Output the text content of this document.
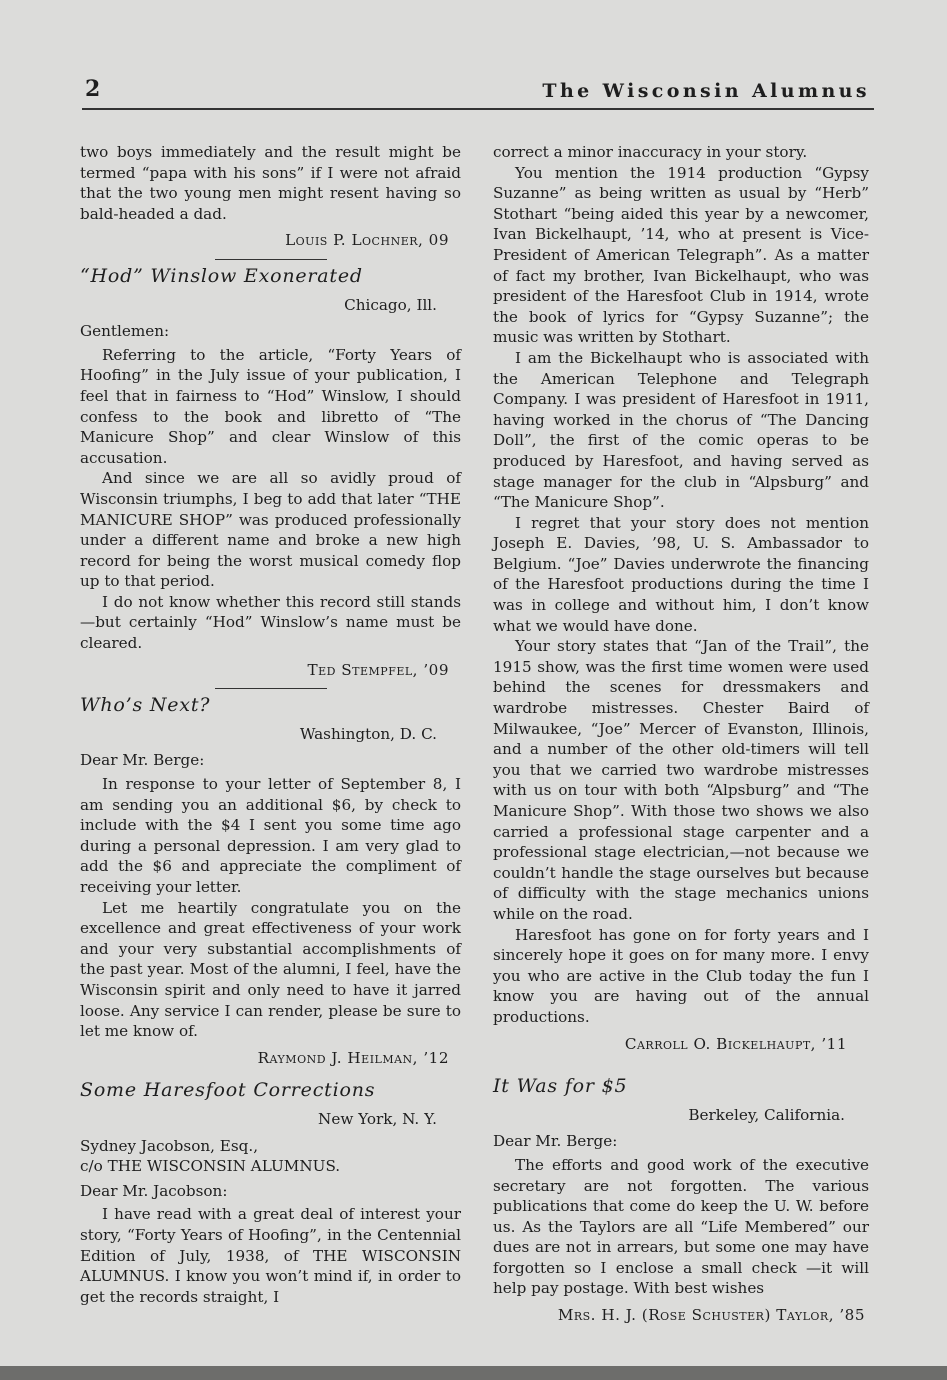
2	The Wisconsin Alumnus

two boys immediately and the result might be termed “papa with his sons” if I were not afraid that the two young men might resent having so bald-headed a dad.

Louis P. Lochner, 09
“Hod” Winslow Exonerated
Chicago, Ill.
Gentlemen:

Referring to the article, “Forty Years of Hoofing” in the July issue of your publication, I feel that in fairness to “Hod” Winslow, I should confess to the book and libretto of “The Manicure Shop” and clear Winslow of this accusation.

And since we are all so avidly proud of Wisconsin triumphs, I beg to add that later “THE MANICURE SHOP” was produced professionally under a different name and broke a new high record for being the worst musical comedy flop up to that period.

I do not know whether this record still stands—but certainly “Hod” Winslow’s name must be cleared.

Ted Stempfel, ’09
Who’s Next?
Washington, D. C.
Dear Mr. Berge:

In response to your letter of September 8, I am sending you an additional $6, by check to include with the $4 I sent you some time ago during a personal depression. I am very glad to add the $6 and appreciate the compliment of receiving your letter.

Let me heartily congratulate you on the excellence and great effectiveness of your work and your very substantial accomplishments of the past year. Most of the alumni, I feel, have the Wisconsin spirit and only need to have it jarred loose. Any service I can render, please be sure to let me know of.

Raymond J. Heilman, ’12
Some Haresfoot Corrections
New York, N. Y.
Sydney Jacobson, Esq.,
c/o THE WISCONSIN ALUMNUS.
Dear Mr. Jacobson:

I have read with a great deal of interest your story, “Forty Years of Hoofing”, in the Centennial Edition of July, 1938, of THE WISCONSIN ALUMNUS. I know you won’t mind if, in order to get the records straight, I

correct a minor inaccuracy in your story.

You mention the 1914 production “Gypsy Suzanne” as being written as usual by “Herb” Stothart “being aided this year by a newcomer, Ivan Bickelhaupt, ’14, who at present is Vice-President of American Telegraph”. As a matter of fact my brother, Ivan Bickelhaupt, who was president of the Haresfoot Club in 1914, wrote the book of lyrics for “Gypsy Suzanne”; the music was written by Stothart.

I am the Bickelhaupt who is associated with the American Telephone and Telegraph Company. I was president of Haresfoot in 1911, having worked in the chorus of “The Dancing Doll”, the first of the comic operas to be produced by Haresfoot, and having served as stage manager for the club in “Alpsburg” and “The Manicure Shop”.

I regret that your story does not mention Joseph E. Davies, ’98, U. S. Ambassador to Belgium. “Joe” Davies underwrote the financing of the Haresfoot productions during the time I was in college and without him, I don’t know what we would have done.

Your story states that “Jan of the Trail”, the 1915 show, was the first time women were used behind the scenes for dressmakers and wardrobe mistresses. Chester Baird of Milwaukee, “Joe” Mercer of Evanston, Illinois, and a number of the other old-timers will tell you that we carried two wardrobe mistresses with us on tour with both “Alpsburg” and “The Manicure Shop”. With those two shows we also carried a professional stage carpenter and a professional stage electrician,—not because we couldn’t handle the stage ourselves but because of difficulty with the stage mechanics unions while on the road.

Haresfoot has gone on for forty years and I sincerely hope it goes on for many more. I envy you who are active in the Club today the fun I know you are having out of the annual productions.

Carroll O. Bickelhaupt, ’11
It Was for $5
Berkeley, California.
Dear Mr. Berge:

The efforts and good work of the executive secretary are not forgotten. The various publications that come do keep the U. W. before us. As the Taylors are all “Life Membered” our dues are not in arrears, but some one may have forgotten so I enclose a small check —it will help pay postage. With best wishes

Mrs. H. J. (Rose Schuster) Taylor, ’85
